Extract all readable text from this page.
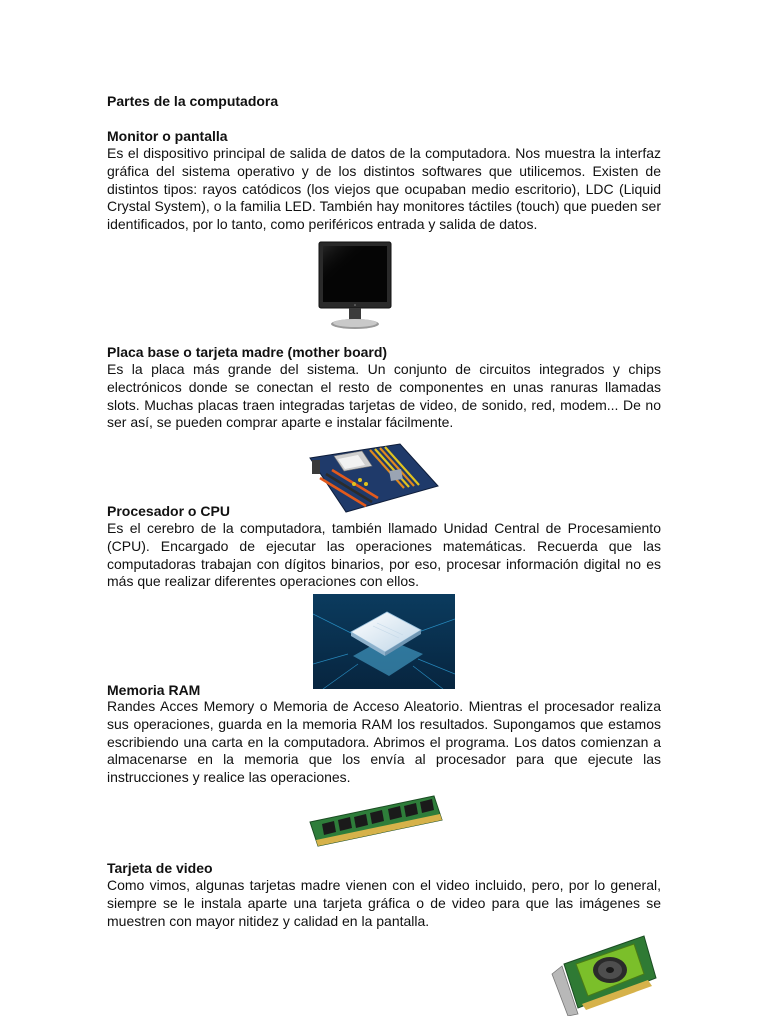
Partes de la computadora
Monitor o pantalla

Es el dispositivo principal de salida de datos de la computadora. Nos muestra la interfaz gráfica del sistema operativo y de los distintos softwares que utilicemos. Existen de distintos tipos: rayos catódicos (los viejos que ocupaban medio escritorio), LDC (Liquid Crystal System), o la familia LED. También hay monitores táctiles (touch) que pueden ser identificados, por lo tanto, como periféricos entrada y salida de datos.

Placa base o tarjeta madre (mother board)

Es la placa más grande del sistema. Un conjunto de circuitos integrados y chips electrónicos donde se conectan el resto de componentes en unas ranuras llamadas slots. Muchas placas traen integradas tarjetas de video, de sonido, red, modem... De no ser así, se pueden comprar aparte e instalar fácilmente.

Procesador o CPU

Es el cerebro de la computadora, también llamado Unidad Central de Procesamiento (CPU). Encargado de ejecutar las operaciones matemáticas. Recuerda que las computadoras trabajan con dígitos binarios, por eso, procesar información digital no es más que realizar diferentes operaciones con ellos.

Memoria RAM

Randes Acces Memory o Memoria de Acceso Aleatorio. Mientras el procesador realiza sus operaciones, guarda en la memoria RAM los resultados. Supongamos que estamos escribiendo una carta en la computadora. Abrimos el programa. Los datos comienzan a almacenarse en la memoria que los envía al procesador para que ejecute las instrucciones y realice las operaciones.

Tarjeta de video

Como vimos, algunas tarjetas madre vienen con el video incluido, pero, por lo general, siempre se le instala aparte una tarjeta gráfica o de video para que las imágenes se muestren con mayor nitidez y calidad en la pantalla.
